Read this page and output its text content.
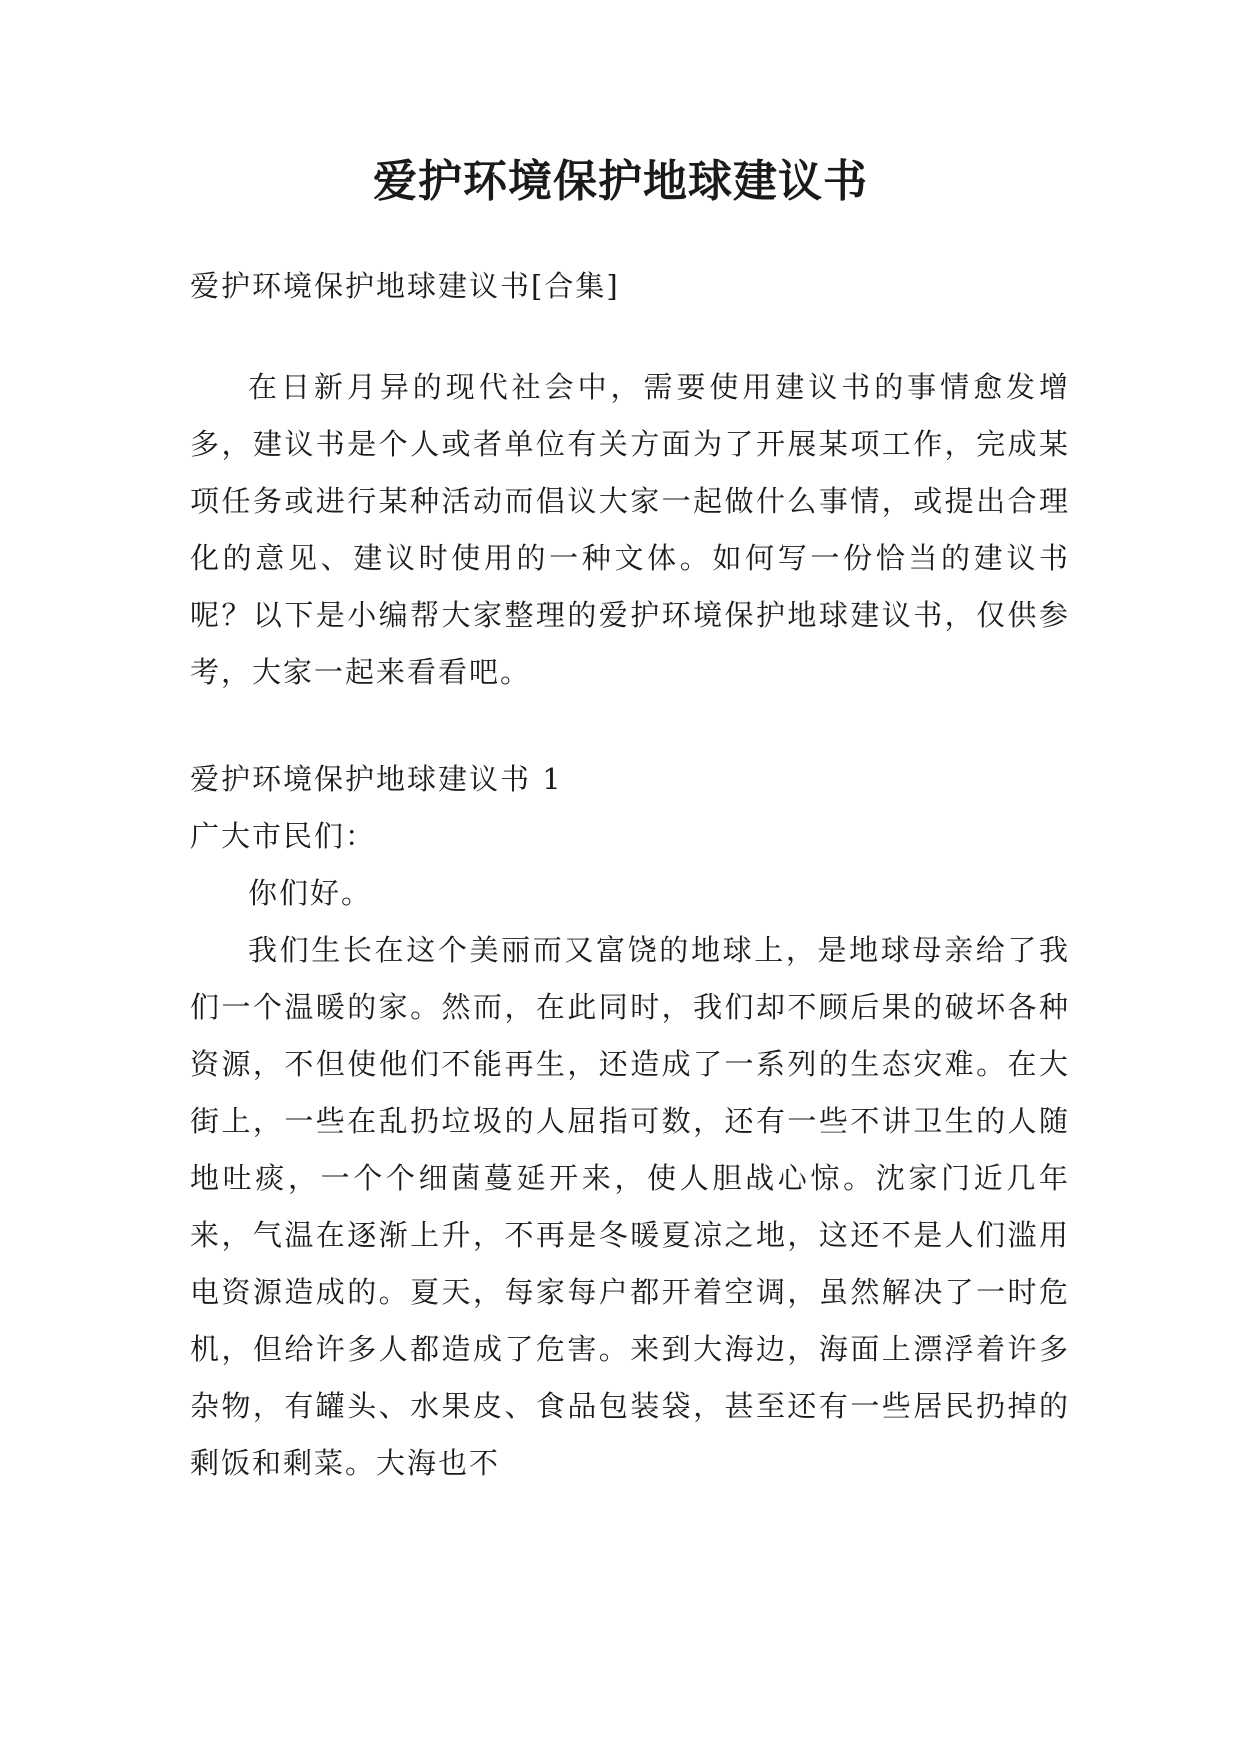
爱护环境保护地球建议书

爱护环境保护地球建议书[合集]

在日新月异的现代社会中，需要使用建议书的事情愈发增多，建议书是个人或者单位有关方面为了开展某项工作，完成某项任务或进行某种活动而倡议大家一起做什么事情，或提出合理化的意见、建议时使用的一种文体。如何写一份恰当的建议书呢？以下是小编帮大家整理的爱护环境保护地球建议书，仅供参考，大家一起来看看吧。

爱护环境保护地球建议书 1

广大市民们：

你们好。

我们生长在这个美丽而又富饶的地球上，是地球母亲给了我们一个温暖的家。然而，在此同时，我们却不顾后果的破坏各种资源，不但使他们不能再生，还造成了一系列的生态灾难。在大街上，一些在乱扔垃圾的人屈指可数，还有一些不讲卫生的人随地吐痰，一个个细菌蔓延开来，使人胆战心惊。沈家门近几年来，气温在逐渐上升，不再是冬暖夏凉之地，这还不是人们滥用电资源造成的。夏天，每家每户都开着空调，虽然解决了一时危机，但给许多人都造成了危害。来到大海边，海面上漂浮着许多杂物，有罐头、水果皮、食品包装袋，甚至还有一些居民扔掉的剩饭和剩菜。大海也不
